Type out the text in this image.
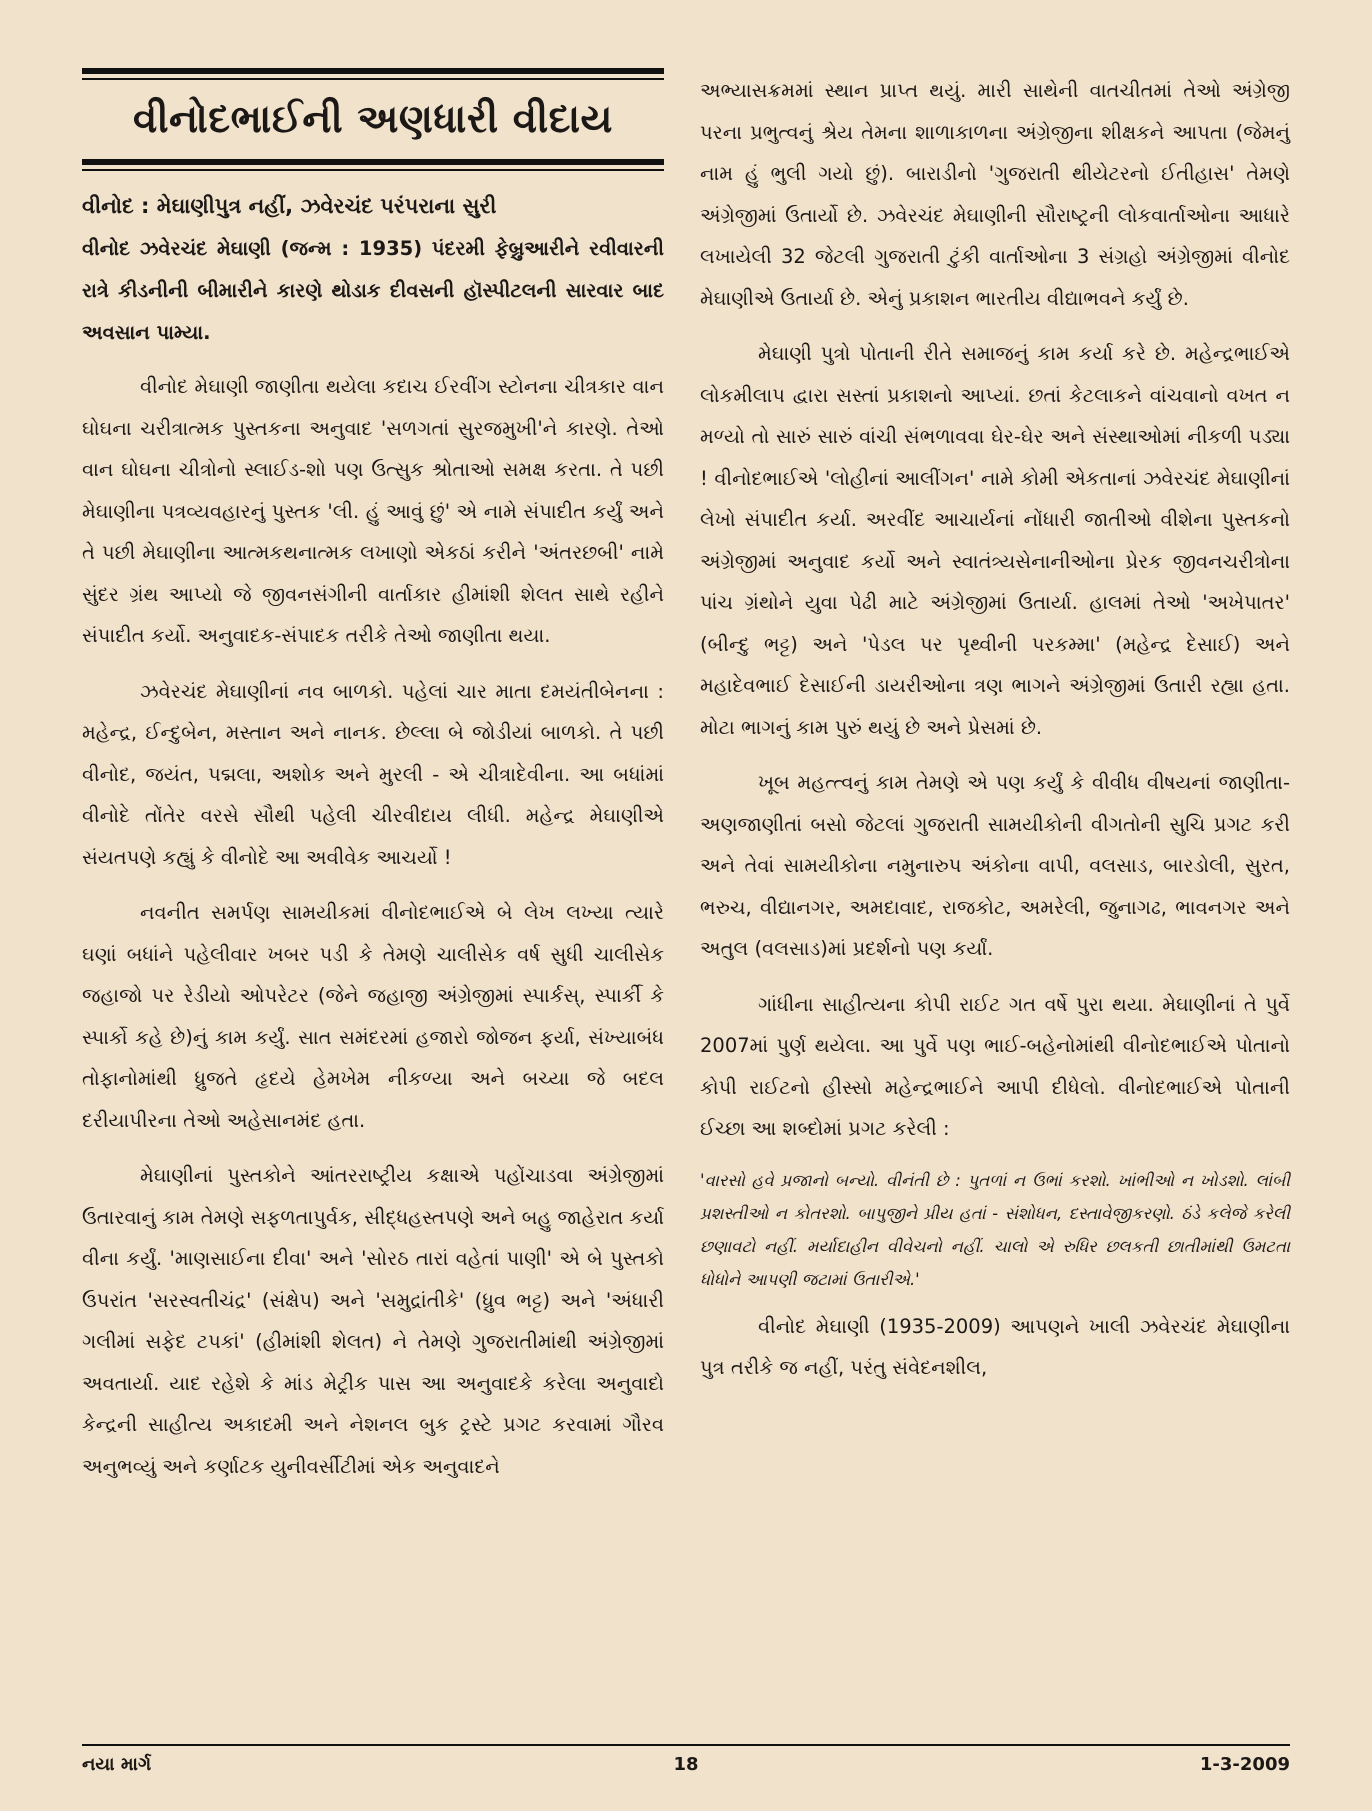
વીનોદભાઈની અણધારી વીદાય
વીનોદ : મેઘાણીપુત્ર નહીં, ઝવેરચંદ પરંપરાના સુરી

વીનોદ ઝવેરચંદ મેઘાણી (જન્મ : 1935) પંદરમી ફેબ્રુઆરીને રવીવારની રાત્રે કીડનીની બીમારીને કારણે થોડાક દીવસની હૉસ્પીટલની સારવાર બાદ અવસાન પામ્યા.

વીનોદ મેઘાણી જાણીતા થયેલા કદાચ ઈરવીંગ સ્ટોનના ચીત્રકાર વાન ઘોઘના ચરીત્રાત્મક પુસ્તકના અનુવાદ 'સળગતાં સુરજમુખી'ને કારણે. તેઓ વાન ઘોઘના ચીત્રોનો સ્લાઈડ-શો પણ ઉત્સુક શ્રોતાઓ સમક્ષ કરતા. તે પછી મેઘાણીના પત્રવ્યવહારનું પુસ્તક 'લી. હું આવું છું' એ નામે સંપાદીત કર્યું અને તે પછી મેઘાણીના આત્મકથનાત્મક લખાણો એકઠાં કરીને 'અંતરછબી' નામે સુંદર ગ્રંથ આપ્યો જે જીવનસંગીની વાર્તાકાર હીમાંશી શેલત સાથે રહીને સંપાદીત કર્યો. અનુવાદક-સંપાદક તરીકે તેઓ જાણીતા થયા.

ઝવેરચંદ મેઘાણીનાં નવ બાળકો. પહેલાં ચાર માતા દમયંતીબેનના : મહેન્દ્ર, ઈન્દુબેન, મસ્તાન અને નાનક. છેલ્લા બે જોડીયાં બાળકો. તે પછી વીનોદ, જયંત, પદ્મલા, અશોક અને મુરલી - એ ચીત્રાદેવીના. આ બધાંમાં વીનોદે તોંતેર વરસે સૌથી પહેલી ચીરવીદાય લીધી. મહેન્દ્ર મેઘાણીએ સંયતપણે કહ્યું કે વીનોદે આ અવીવેક આચર્યો !

નવનીત સમર્પણ સામયીકમાં વીનોદભાઈએ બે લેખ લખ્યા ત્યારે ઘણાં બધાંને પહેલીવાર ખબર પડી કે તેમણે ચાલીસેક વર્ષ સુધી ચાલીસેક જહાજો પર રેડીયો ઓપરેટર (જેને જહાજી અંગ્રેજીમાં સ્પાર્કસ્, સ્પાર્કી કે સ્પાર્કો કહે છે)નું કામ કર્યું. સાત સમંદરમાં હજારો જોજન ફર્યા, સંખ્યાબંધ તોફાનોમાંથી ધ્રુજતે હૃદયે હેમખેમ નીકળ્યા અને બચ્યા જે બદલ દરીયાપીરના તેઓ અહેસાનમંદ હતા.

મેઘાણીનાં પુસ્તકોને આંતરરાષ્ટ્રીય કક્ષાએ પહોંચાડવા અંગ્રેજીમાં ઉતારવાનું કામ તેમણે સફળતાપુર્વક, સીદ્ધહસ્તપણે અને બહુ જાહેરાત કર્યા વીના કર્યું. 'માણસાઈના દીવા' અને 'સોરઠ તારાં વહેતાં પાણી' એ બે પુસ્તકો ઉપરાંત 'સરસ્વતીચંદ્ર' (સંક્ષેપ) અને 'સમુદ્રાંતીકે' (ધ્રુવ ભટ્ટ) અને 'અંધારી ગલીમાં સફેદ ટપકાં' (હીમાંશી શેલત) ને તેમણે ગુજરાતીમાંથી અંગ્રેજીમાં અવતાર્યા. યાદ રહેશે કે માંડ મેટ્રીક પાસ આ અનુવાદકે કરેલા અનુવાદો કેન્દ્રની સાહીત્ય અકાદમી અને નેશનલ બુક ટ્રસ્ટે પ્રગટ કરવામાં ગૌરવ અનુભવ્યું અને કર્ણાટક યુનીવર્સીટીમાં એક અનુવાદને

અભ્યાસક્રમમાં સ્થાન પ્રાપ્ત થયું. મારી સાથેની વાતચીતમાં તેઓ અંગ્રેજી પરના પ્રભુત્વનું શ્રેય તેમના શાળાકાળના અંગ્રેજીના શીક્ષકને આપતા (જેમનું નામ હું ભુલી ગયો છું). બારાડીનો 'ગુજરાતી થીયેટરનો ઈતીહાસ' તેમણે અંગ્રેજીમાં ઉતાર્યો છે. ઝવેરચંદ મેઘાણીની સૌરાષ્ટ્રની લોકવાર્તાઓના આધારે લખાયેલી 32 જેટલી ગુજરાતી ટુંકી વાર્તાઓના 3 સંગ્રહો અંગ્રેજીમાં વીનોદ મેઘાણીએ ઉતાર્યા છે. એનું પ્રકાશન ભારતીય વીદ્યાભવને કર્યું છે.

મેઘાણી પુત્રો પોતાની રીતે સમાજનું કામ કર્યા કરે છે. મહેન્દ્રભાઈએ લોકમીલાપ દ્વારા સસ્તાં પ્રકાશનો આપ્યાં. છતાં કેટલાકને વાંચવાનો વખત ન મળ્યો તો સારું સારું વાંચી સંભળાવવા ઘેર-ઘેર અને સંસ્થાઓમાં નીકળી પડ્યા ! વીનોદભાઈએ 'લોહીનાં આલીંગન' નામે કોમી એકતાનાં ઝવેરચંદ મેઘાણીનાં લેખો સંપાદીત કર્યા. અરવીંદ આચાર્યનાં નોંધારી જાતીઓ વીશેના પુસ્તકનો અંગ્રેજીમાં અનુવાદ કર્યો અને સ્વાતંત્ર્યસેનાનીઓના પ્રેરક જીવનચરીત્રોના પાંચ ગ્રંથોને યુવા પેઢી માટે અંગ્રેજીમાં ઉતાર્યા. હાલમાં તેઓ 'અખેપાતર' (બીન્દુ ભટ્ટ) અને 'પેડલ પર પૃથ્વીની પરકમ્મા' (મહેન્દ્ર દેસાઈ) અને મહાદેવભાઈ દેસાઈની ડાયરીઓના ત્રણ ભાગને અંગ્રેજીમાં ઉતારી રહ્યા હતા. મોટા ભાગનું કામ પુરું થયું છે અને પ્રેસમાં છે.

ખૂબ મહત્ત્વનું કામ તેમણે એ પણ કર્યું કે વીવીધ વીષયનાં જાણીતા-અણજાણીતાં બસો જેટલાં ગુજરાતી સામયીકોની વીગતોની સુચિ પ્રગટ કરી અને તેવાં સામયીકોના નમુનારુપ અંકોના વાપી, વલસાડ, બારડોલી, સુરત, ભરુચ, વીદ્યાનગર, અમદાવાદ, રાજકોટ, અમરેલી, જુનાગઢ, ભાવનગર અને અતુલ (વલસાડ)માં પ્રદર્શનો પણ કર્યાં.

ગાંધીના સાહીત્યના કોપી રાઈટ ગત વર્ષે પુરા થયા. મેઘાણીનાં તે પુર્વે 2007માં પુર્ણ થયેલા. આ પુર્વે પણ ભાઈ-બહેનોમાંથી વીનોદભાઈએ પોતાનો કોપી રાઈટનો હીસ્સો મહેન્દ્રભાઈને આપી દીધેલો. વીનોદભાઈએ પોતાની ઈચ્છા આ શબ્દોમાં પ્રગટ કરેલી :

'વારસો હવે પ્રજાનો બન્યો. વીનંતી છે : પુતળાં ન ઉભાં કરશો. ખાંભીઓ ન ખોડશો. લાંબી પ્રશસ્તીઓ ન કોતરશો. બાપુજીને પ્રીય હતાં - સંશોધન, દસ્તાવેજીકરણો. ઠંડે કલેજે કરેલી છણાવટો નહીં. મર્યાદાહીન વીવેચનો નહીં. ચાલો એ રુધિર છલકતી છાતીમાંથી ઉમટતા ધોધોને આપણી જટામાં ઉતારીએ.'

વીનોદ મેઘાણી (1935-2009) આપણને ખાલી ઝવેરચંદ મેઘાણીના પુત્ર તરીકે જ નહીં, પરંતુ સંવેદનશીલ,

નયા માર્ગ	18	1-3-2009
